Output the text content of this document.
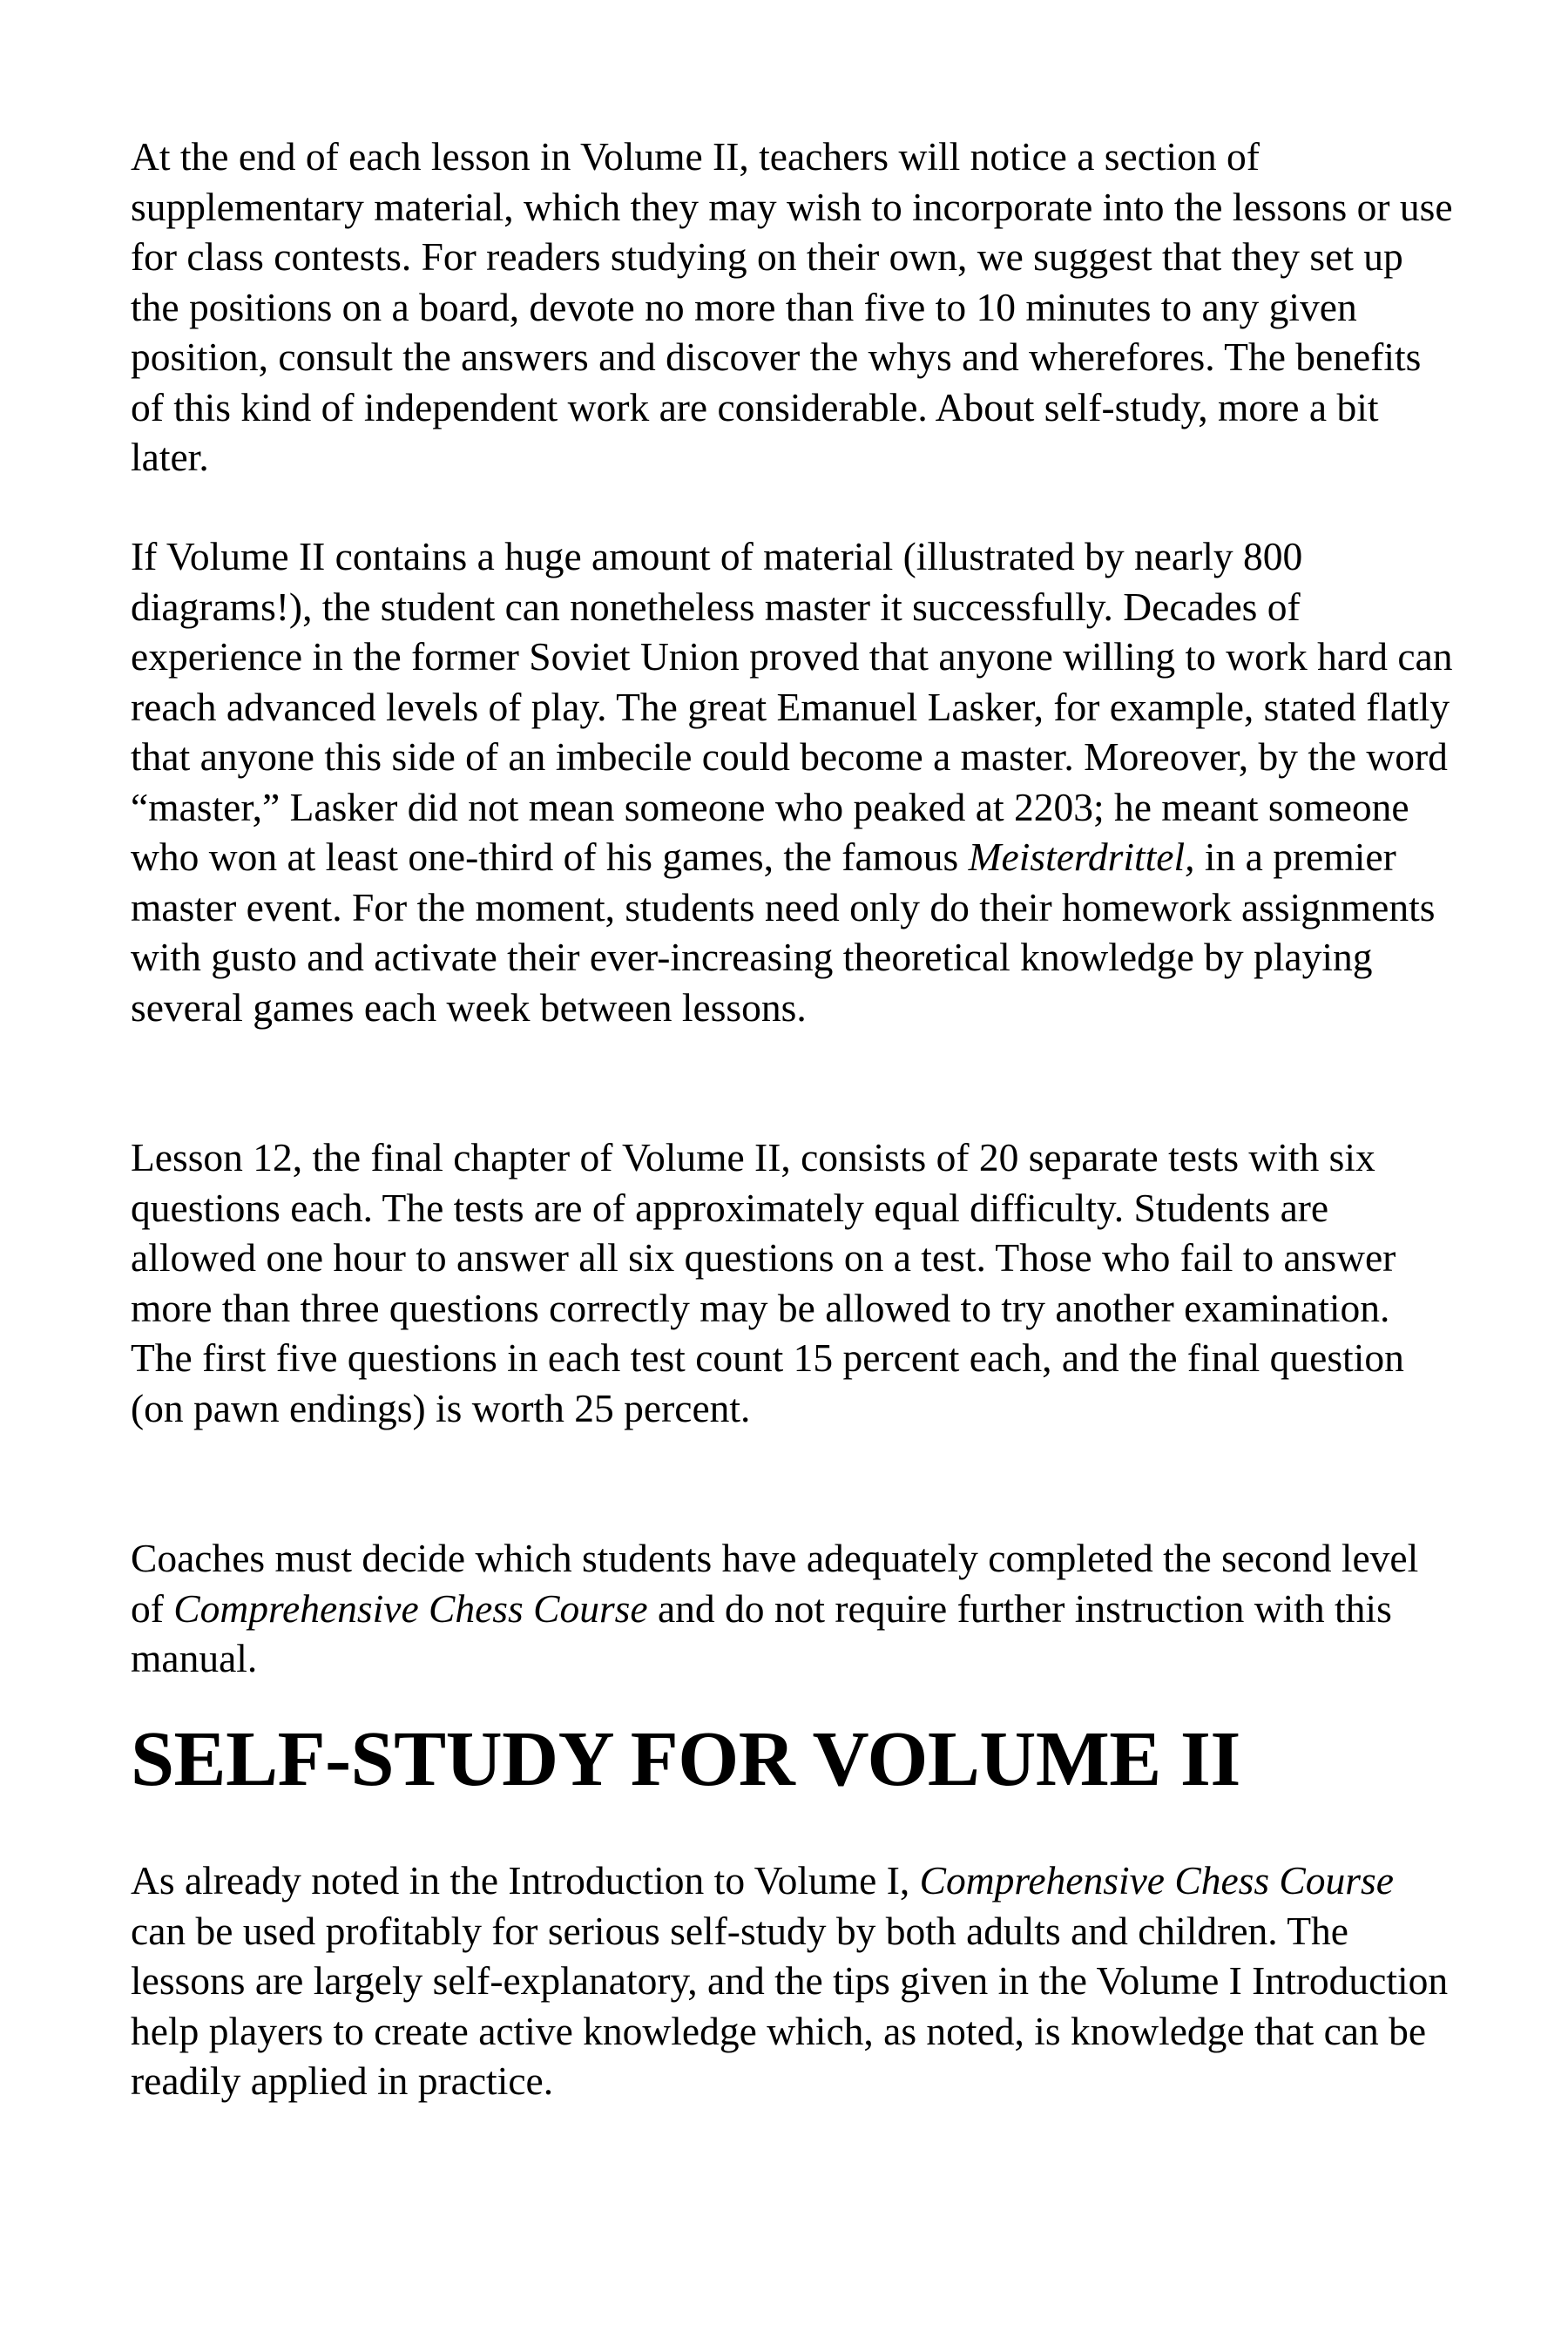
At the end of each lesson in Volume II, teachers will notice a section of supplementary material, which they may wish to incorporate into the lessons or use for class contests. For readers studying on their own, we suggest that they set up the positions on a board, devote no more than five to 10 minutes to any given position, consult the answers and discover the whys and wherefores. The benefits of this kind of independent work are considerable. About self-study, more a bit later.

If Volume II contains a huge amount of material (illustrated by nearly 800 diagrams!), the student can nonetheless master it successfully. Decades of experience in the former Soviet Union proved that anyone willing to work hard can reach advanced levels of play. The great Emanuel Lasker, for example, stated flatly that anyone this side of an imbecile could become a master. Moreover, by the word “master,” Lasker did not mean someone who peaked at 2203; he meant someone who won at least one-third of his games, the famous Meisterdrittel, in a premier master event. For the moment, students need only do their homework assignments with gusto and activate their ever-increasing theoretical knowledge by playing several games each week between lessons.

Lesson 12, the final chapter of Volume II, consists of 20 separate tests with six questions each. The tests are of approximately equal difficulty. Students are allowed one hour to answer all six questions on a test. Those who fail to answer more than three questions correctly may be allowed to try another examination. The first five questions in each test count 15 percent each, and the final question (on pawn endings) is worth 25 percent.

Coaches must decide which students have adequately completed the second level of Comprehensive Chess Course and do not require further instruction with this manual.

SELF-STUDY FOR VOLUME II

As already noted in the Introduction to Volume I, Comprehensive Chess Course can be used profitably for serious self-study by both adults and children. The lessons are largely self-explanatory, and the tips given in the Volume I Introduction help players to create active knowledge which, as noted, is knowledge that can be readily applied in practice.
